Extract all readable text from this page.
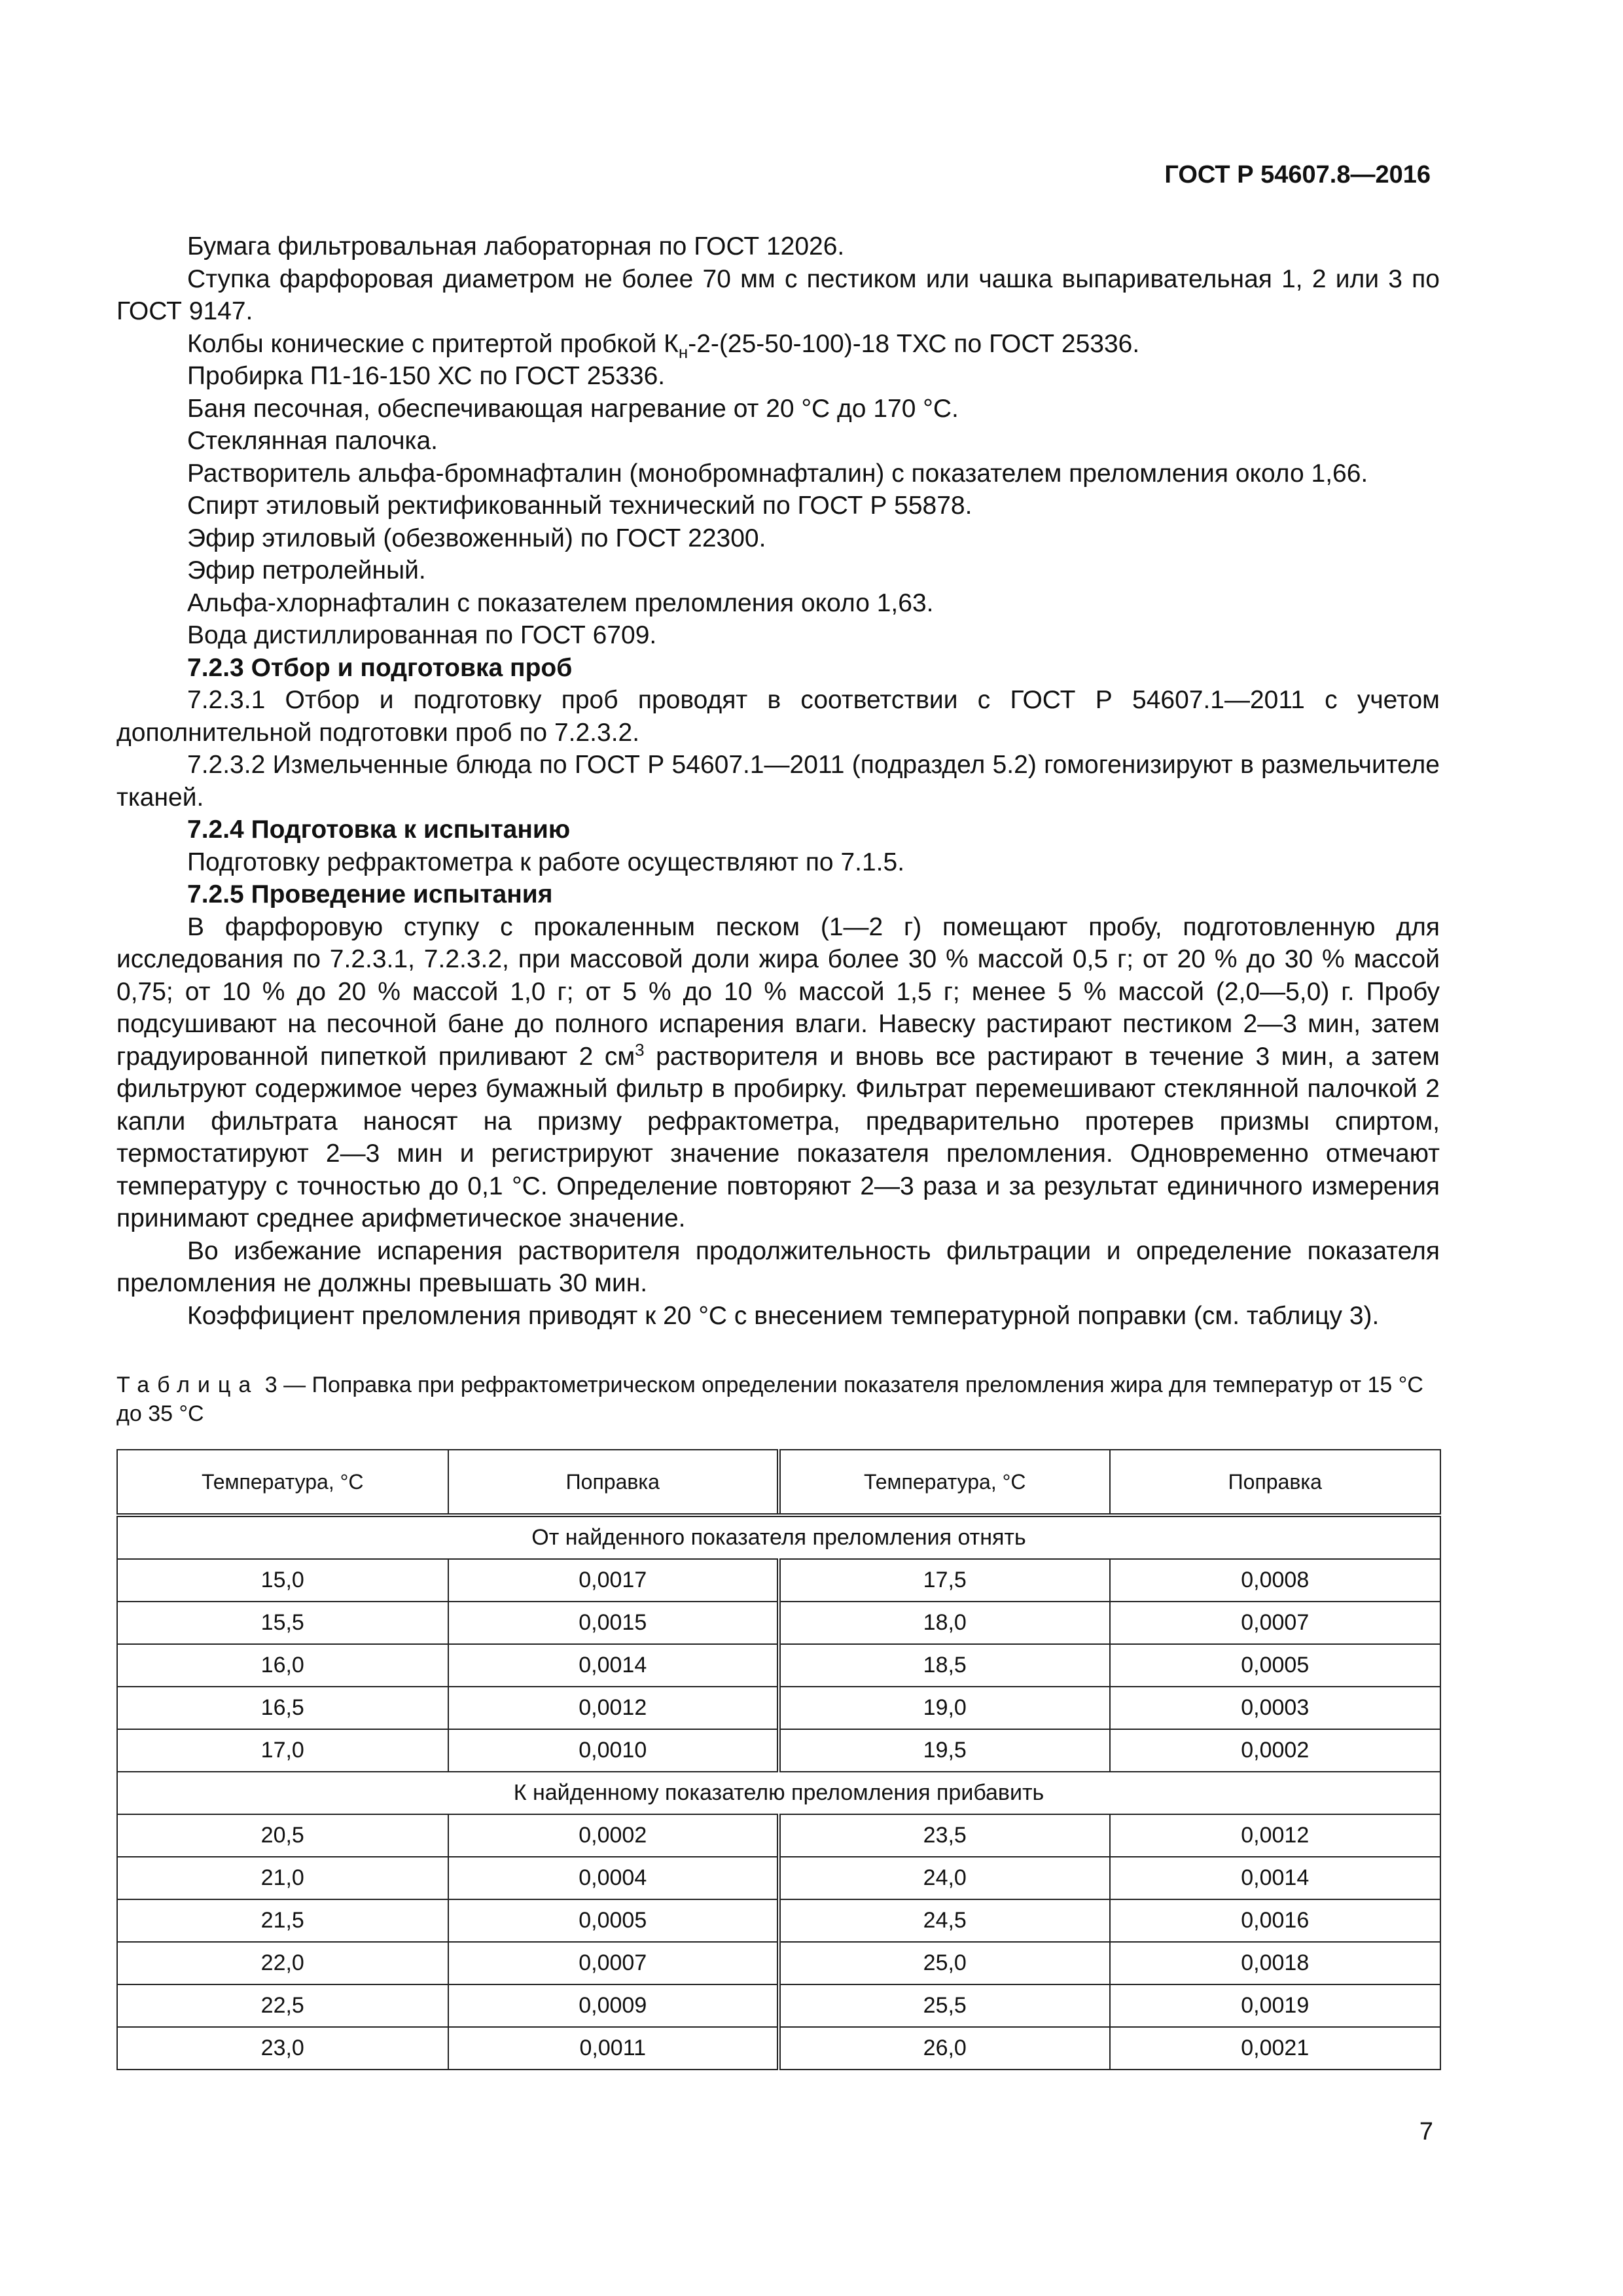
ГОСТ Р 54607.8—2016

Бумага фильтровальная лабораторная по ГОСТ 12026.

Ступка фарфоровая диаметром не более 70 мм с пестиком или чашка выпаривательная 1, 2 или 3 по ГОСТ 9147.

Колбы конические с притертой пробкой $К_н-2-(25-50-100)-18$ ТХС по ГОСТ 25336.

Пробирка П1-16-150 ХС по ГОСТ 25336.

Баня песочная, обеспечивающая нагревание от 20 °С до 170 °С.

Стеклянная палочка.

Растворитель альфа-бромнафталин (монобромнафталин) с показателем преломления около 1,66.

Спирт этиловый ректификованный технический по ГОСТ Р 55878.

Эфир этиловый (обезвоженный) по ГОСТ 22300.

Эфир петролейный.

Альфа-хлорнафталин с показателем преломления около 1,63.

Вода дистиллированная по ГОСТ 6709.

7.2.3 Отбор и подготовка проб

7.2.3.1 Отбор и подготовку проб проводят в соответствии с ГОСТ Р 54607.1—2011 с учетом дополнительной подготовки проб по 7.2.3.2.

7.2.3.2 Измельченные блюда по ГОСТ Р 54607.1—2011 (подраздел 5.2) гомогенизируют в размельчителе тканей.

7.2.4 Подготовка к испытанию

Подготовку рефрактометра к работе осуществляют по 7.1.5.

7.2.5 Проведение испытания

В фарфоровую ступку с прокаленным песком (1—2 г) помещают пробу, подготовленную для исследования по 7.2.3.1, 7.2.3.2, при массовой доли жира более 30 % массой 0,5 г; от 20 % до 30 % массой 0,75; от 10 % до 20 % массой 1,0 г; от 5 % до 10 % массой 1,5 г; менее 5 % массой (2,0—5,0) г. Пробу подсушивают на песочной бане до полного испарения влаги. Навеску растирают пестиком 2—3 мин, затем градуированной пипеткой приливают 2 $см^3$ растворителя и вновь все растирают в течение 3 мин, а затем фильтруют содержимое через бумажный фильтр в пробирку. Фильтрат перемешивают стеклянной палочкой 2 капли фильтрата наносят на призму рефрактометра, предварительно протерев призмы спиртом, термостатируют 2—3 мин и регистрируют значение показателя преломления. Одновременно отмечают температуру с точностью до 0,1 °С. Определение повторяют 2—3 раза и за результат единичного измерения принимают среднее арифметическое значение.

Во избежание испарения растворителя продолжительность фильтрации и определение показателя преломления не должны превышать 30 мин.

Коэффициент преломления приводят к 20 °С с внесением температурной поправки (см. таблицу 3).

Таблица 3 — Поправка при рефрактометрическом определении показателя преломления жира для температур от 15 °С до 35 °С
Температура, °С	Поправка	Температура, °С	Поправка
От найденного показателя преломления отнять			
15,0	0,0017	17,5	0,0008
15,5	0,0015	18,0	0,0007
16,0	0,0014	18,5	0,0005
16,5	0,0012	19,0	0,0003
17,0	0,0010	19,5	0,0002
К найденному показателю преломления прибавить			
20,5	0,0002	23,5	0,0012
21,0	0,0004	24,0	0,0014
21,5	0,0005	24,5	0,0016
22,0	0,0007	25,0	0,0018
22,5	0,0009	25,5	0,0019
23,0	0,0011	26,0	0,0021
7
